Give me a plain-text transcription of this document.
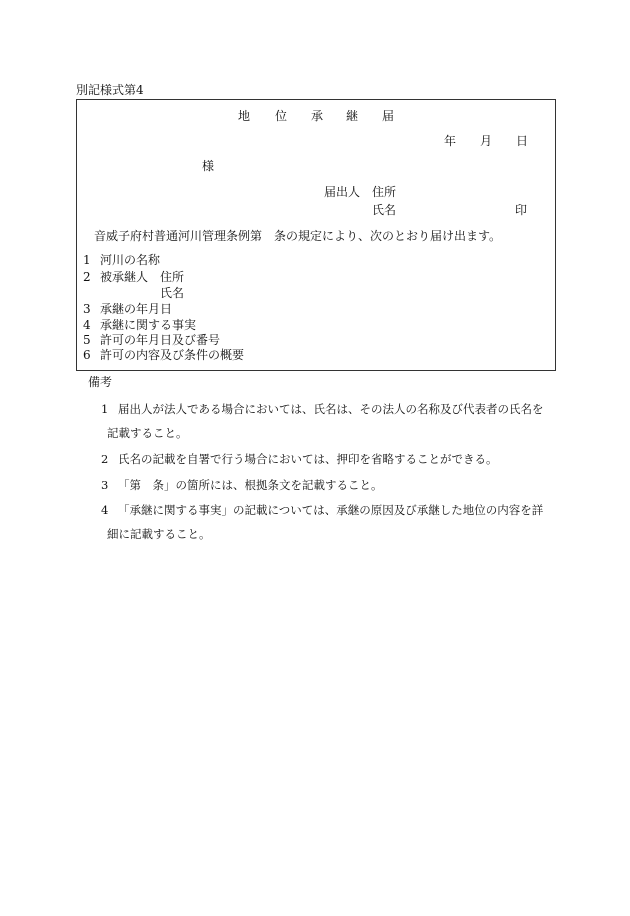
別記様式第4
地 位 承 継 届
年 月 日
様
届出人 住所
氏名	印
音威子府村普通河川管理条例第　条の規定により、次のとおり届け出ます。
1 河川の名称
2 被承継人　住所
氏名
3 承継の年月日
4 承継に関する事実
5 許可の年月日及び番号
6 許可の内容及び条件の概要
備考
1 届出人が法人である場合においては、氏名は、その法人の名称及び代表者の氏名を
記載すること。
2 氏名の記載を自署で行う場合においては、押印を省略することができる。
3 「第　条」の箇所には、根拠条文を記載すること。
4 「承継に関する事実」の記載については、承継の原因及び承継した地位の内容を詳
細に記載すること。
